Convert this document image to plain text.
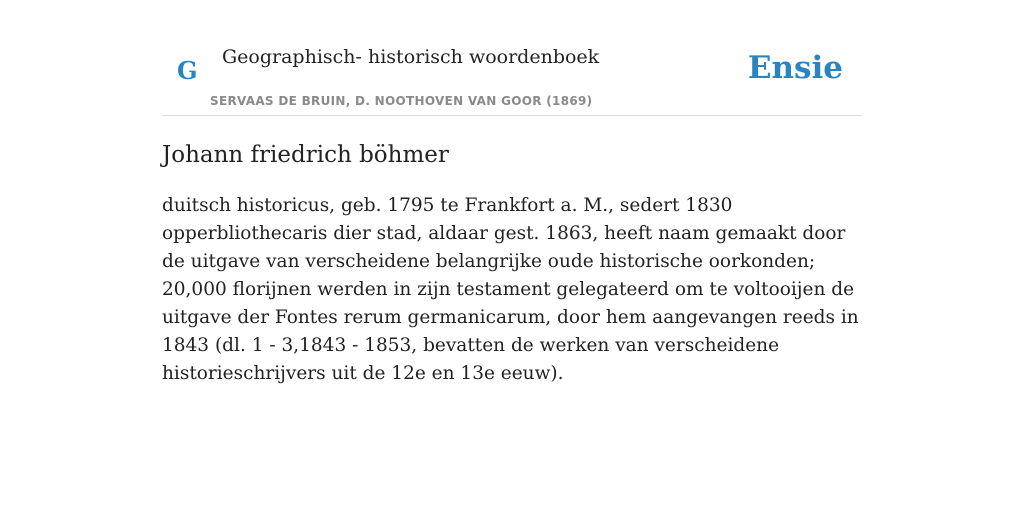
G Geographisch- historisch woordenboek
SERVAAS DE BRUIN, D. NOOTHOVEN VAN GOOR (1869)
Ensie
Johann friedrich böhmer

duitsch historicus, geb. 1795 te Frankfort a. M., sedert 1830 opperbliothecaris dier stad, aldaar gest. 1863, heeft naam gemaakt door de uitgave van verscheidene belangrijke oude historische oorkonden; 20,000 florijnen werden in zijn testament gelegateerd om te voltooijen de uitgave der Fontes rerum germanicarum, door hem aangevangen reeds in 1843 (dl. 1 - 3,1843 - 1853, bevatten de werken van verscheidene historieschrijvers uit de 12e en 13e eeuw).
